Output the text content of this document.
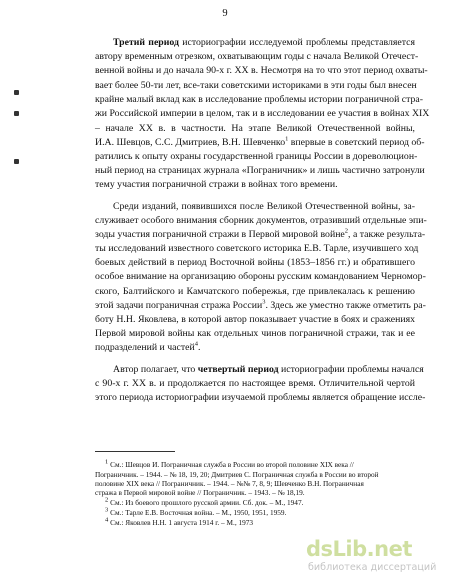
9
Третий период историографии исследуемой проблемы представляется
автору временным отрезком, охватывающим годы с начала Великой Отечест-
венной войны и до начала 90-х г. ХХ в. Несмотря на то что этот период охваты-
вает более 50-ти лет, все-таки советскими историками в эти годы был внесен
крайне малый вклад как в исследование проблемы истории пограничной стра-
жи Российской империи в целом, так и в исследовании ее участия в войнах XIX
– начале ХХ в. в частности. На этапе Великой Отечественной войны,
И.А. Шевцов, С.С. Дмитриев, В.Н. Шевченко$^1$ впервые в советский период об-
ратились к опыту охраны государственной границы России в дореволюцион-
ный период на страницах журнала «Пограничник» и лишь частично затронули
тему участия пограничной стражи в войнах того времени.
Среди изданий, появившихся после Великой Отечественной войны, за-
служивает особого внимания сборник документов, отразивший отдельные эпи-
зоды участия пограничной стражи в Первой мировой войне$^2$, а также результа-
ты исследований известного советского историка Е.В. Тарле, изучившего ход
боевых действий в период Восточной войны (1853–1856 гг.) и обратившего
особое внимание на организацию обороны русским командованием Черномор-
ского, Балтийского и Камчатского побережья, где привлекалась к решению
этой задачи пограничная стража России$^3$. Здесь же уместно также отметить ра-
боту Н.Н. Яковлева, в которой автор показывает участие в боях и сражениях
Первой мировой войны как отдельных чинов пограничной стражи, так и ее
подразделений и частей$^4$.
Автор полагает, что четвертый период историографии проблемы начался
с 90-х г. ХХ в. и продолжается по настоящее время. Отличительной чертой
этого периода историографии изучаемой проблемы является обращение иссле-
$^1$ См.: Шевцов И. Пограничная служба в России во второй половине XIX века //
Пограничник. – 1944. – № 18, 19, 20; Дмитриев С. Пограничная служба в России во второй
половине XIX века // Пограничник. – 1944. – №№ 7, 8, 9; Шевченко В.Н. Пограничная
стража в Первой мировой войне // Пограничник. – 1943. – № 18,19.
$^2$ См.: Из боевого прошлого русской армии. Сб. док. – М., 1947.
$^3$ См.: Тарле Е.В. Восточная война. – М., 1950, 1951, 1959.
$^4$ См.: Яковлев Н.Н. 1 августа 1914 г. – М., 1973
dsLib.net
библиотека диссертаций
